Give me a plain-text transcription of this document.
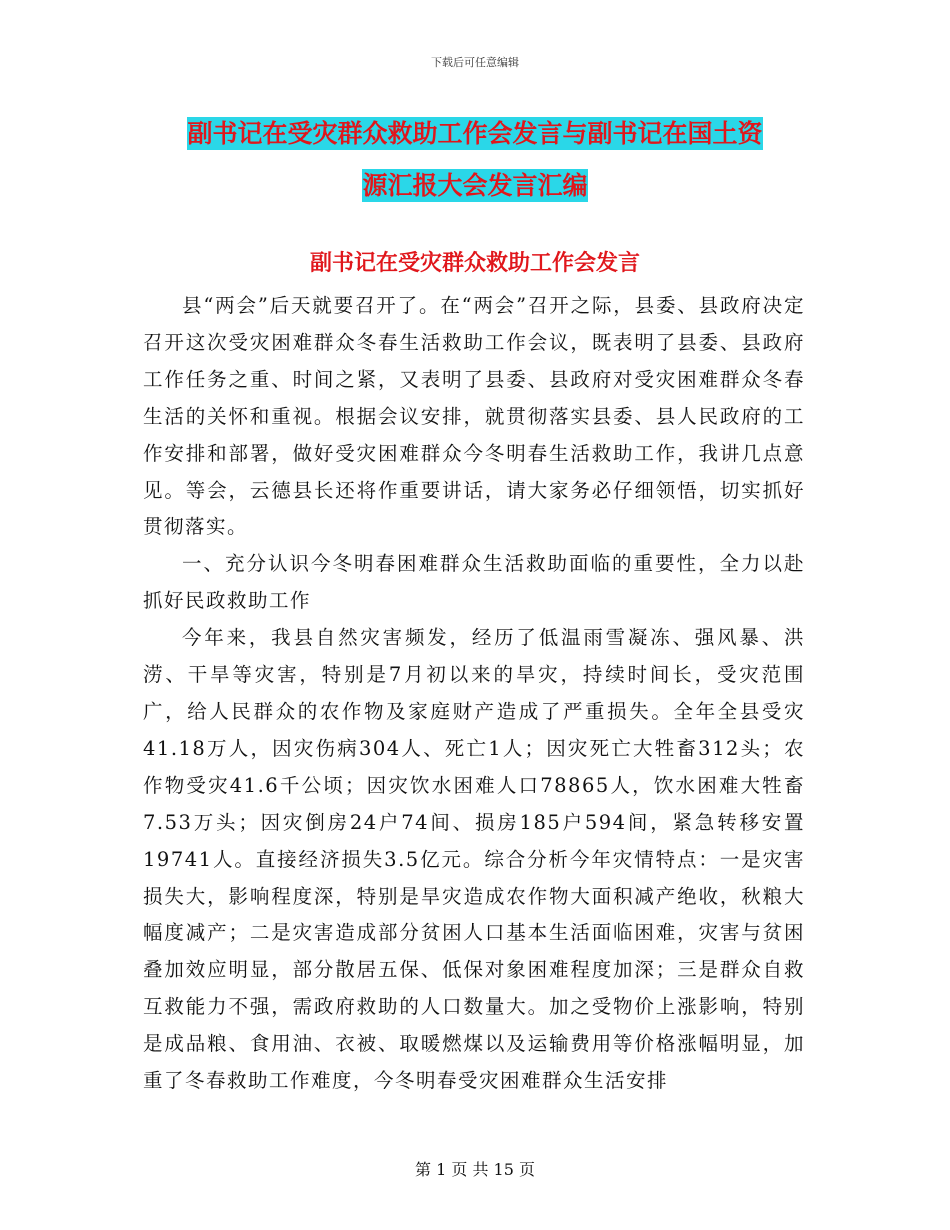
下载后可任意编辑
副书记在受灾群众救助工作会发言与副书记在国土资
源汇报大会发言汇编
副书记在受灾群众救助工作会发言

县“两会”后天就要召开了。在“两会”召开之际，县委、县政府决定召开这次受灾困难群众冬春生活救助工作会议，既表明了县委、县政府工作任务之重、时间之紧，又表明了县委、县政府对受灾困难群众冬春生活的关怀和重视。根据会议安排，就贯彻落实县委、县人民政府的工作安排和部署，做好受灾困难群众今冬明春生活救助工作，我讲几点意见。等会，云德县长还将作重要讲话，请大家务必仔细领悟，切实抓好贯彻落实。

一、充分认识今冬明春困难群众生活救助面临的重要性，全力以赴抓好民政救助工作

今年来，我县自然灾害频发，经历了低温雨雪凝冻、强风暴、洪涝、干旱等灾害，特别是7月初以来的旱灾，持续时间长，受灾范围广，给人民群众的农作物及家庭财产造成了严重损失。全年全县受灾41.18万人，因灾伤病304人、死亡1人；因灾死亡大牲畜312头；农作物受灾41.6千公顷；因灾饮水困难人口78865人，饮水困难大牲畜7.53万头；因灾倒房24户74间、损房185户594间，紧急转移安置19741人。直接经济损失3.5亿元。综合分析今年灾情特点：一是灾害损失大，影响程度深，特别是旱灾造成农作物大面积减产绝收，秋粮大幅度减产；二是灾害造成部分贫困人口基本生活面临困难，灾害与贫困叠加效应明显，部分散居五保、低保对象困难程度加深；三是群众自救互救能力不强，需政府救助的人口数量大。加之受物价上涨影响，特别是成品粮、食用油、衣被、取暖燃煤以及运输费用等价格涨幅明显，加重了冬春救助工作难度，今冬明春受灾困难群众生活安排

第 1 页 共 15 页
